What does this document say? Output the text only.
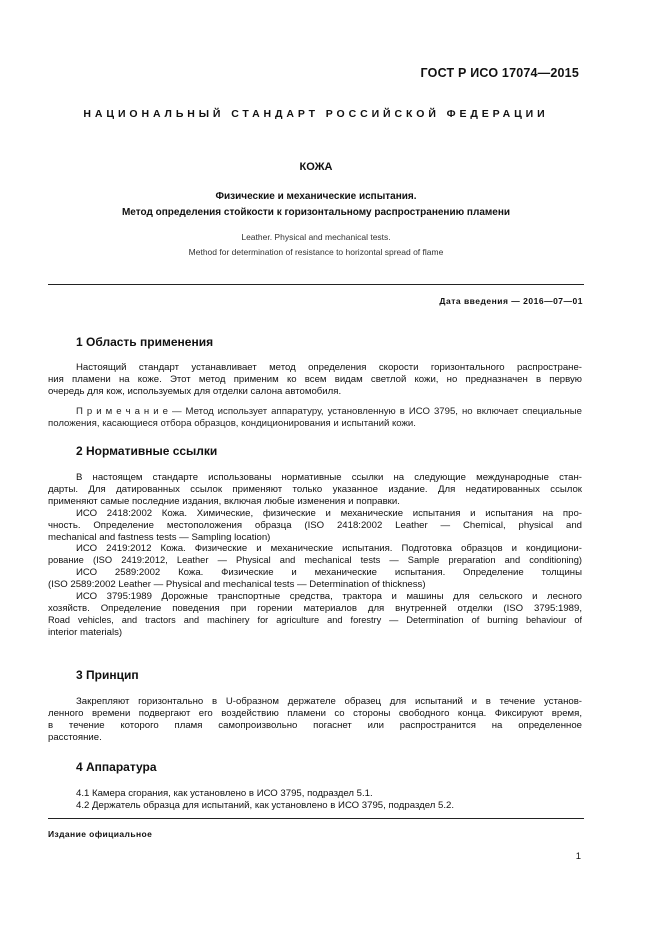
ГОСТ Р ИСО 17074—2015
НАЦИОНАЛЬНЫЙ СТАНДАРТ РОССИЙСКОЙ ФЕДЕРАЦИИ
КОЖА
Физические и механические испытания.
Метод определения стойкости к горизонтальному распространению пламени
Leather. Physical and mechanical tests.
Method for determination of resistance to horizontal spread of flame
Дата введения — 2016—07—01
1 Область применения
Настоящий стандарт устанавливает метод определения скорости горизонтального распростране-
ния пламени на коже. Этот метод применим ко всем видам светлой кожи, но предназначен в первую
очередь для кож, используемых для отделки салона автомобиля.
П р и м е ч а н и е — Метод использует аппаратуру, установленную в ИСО 3795, но включает специальные
положения, касающиеся отбора образцов, кондиционирования и испытаний кожи.
2 Нормативные ссылки
В настоящем стандарте использованы нормативные ссылки на следующие международные стан-
дарты. Для датированных ссылок применяют только указанное издание. Для недатированных ссылок
применяют самые последние издания, включая любые изменения и поправки.
ИСО 2418:2002 Кожа. Химические, физические и механические испытания и испытания на про-
чность. Определение местоположения образца (ISO 2418:2002 Leather — Chemical, physical and
mechanical and fastness tests — Sampling location)
ИСО 2419:2012 Кожа. Физические и механические испытания. Подготовка образцов и кондициони-
рование (ISO 2419:2012, Leather — Physical and mechanical tests — Sample preparation and conditioning)
ИСО 2589:2002 Кожа. Физические и механические испытания. Определение толщины
(ISO 2589:2002 Leather — Physical and mechanical tests — Determination of thickness)
ИСО 3795:1989 Дорожные транспортные средства, трактора и машины для сельского и лесного
хозяйств. Определение поведения при горении материалов для внутренней отделки (ISO 3795:1989,
Road vehicles, and tractors and machinery for agriculture and forestry — Determination of burning behaviour of
interior materials)
3 Принцип
Закрепляют горизонтально в U-образном держателе образец для испытаний и в течение установ-
ленного времени подвергают его воздействию пламени со стороны свободного конца. Фиксируют время,
в течение которого пламя самопроизвольно погаснет или распространится на определенное
расстояние.
4 Аппаратура
4.1 Камера сгорания, как установлено в ИСО 3795, подраздел 5.1.
4.2 Держатель образца для испытаний, как установлено в ИСО 3795, подраздел 5.2.
Издание официальное
1
